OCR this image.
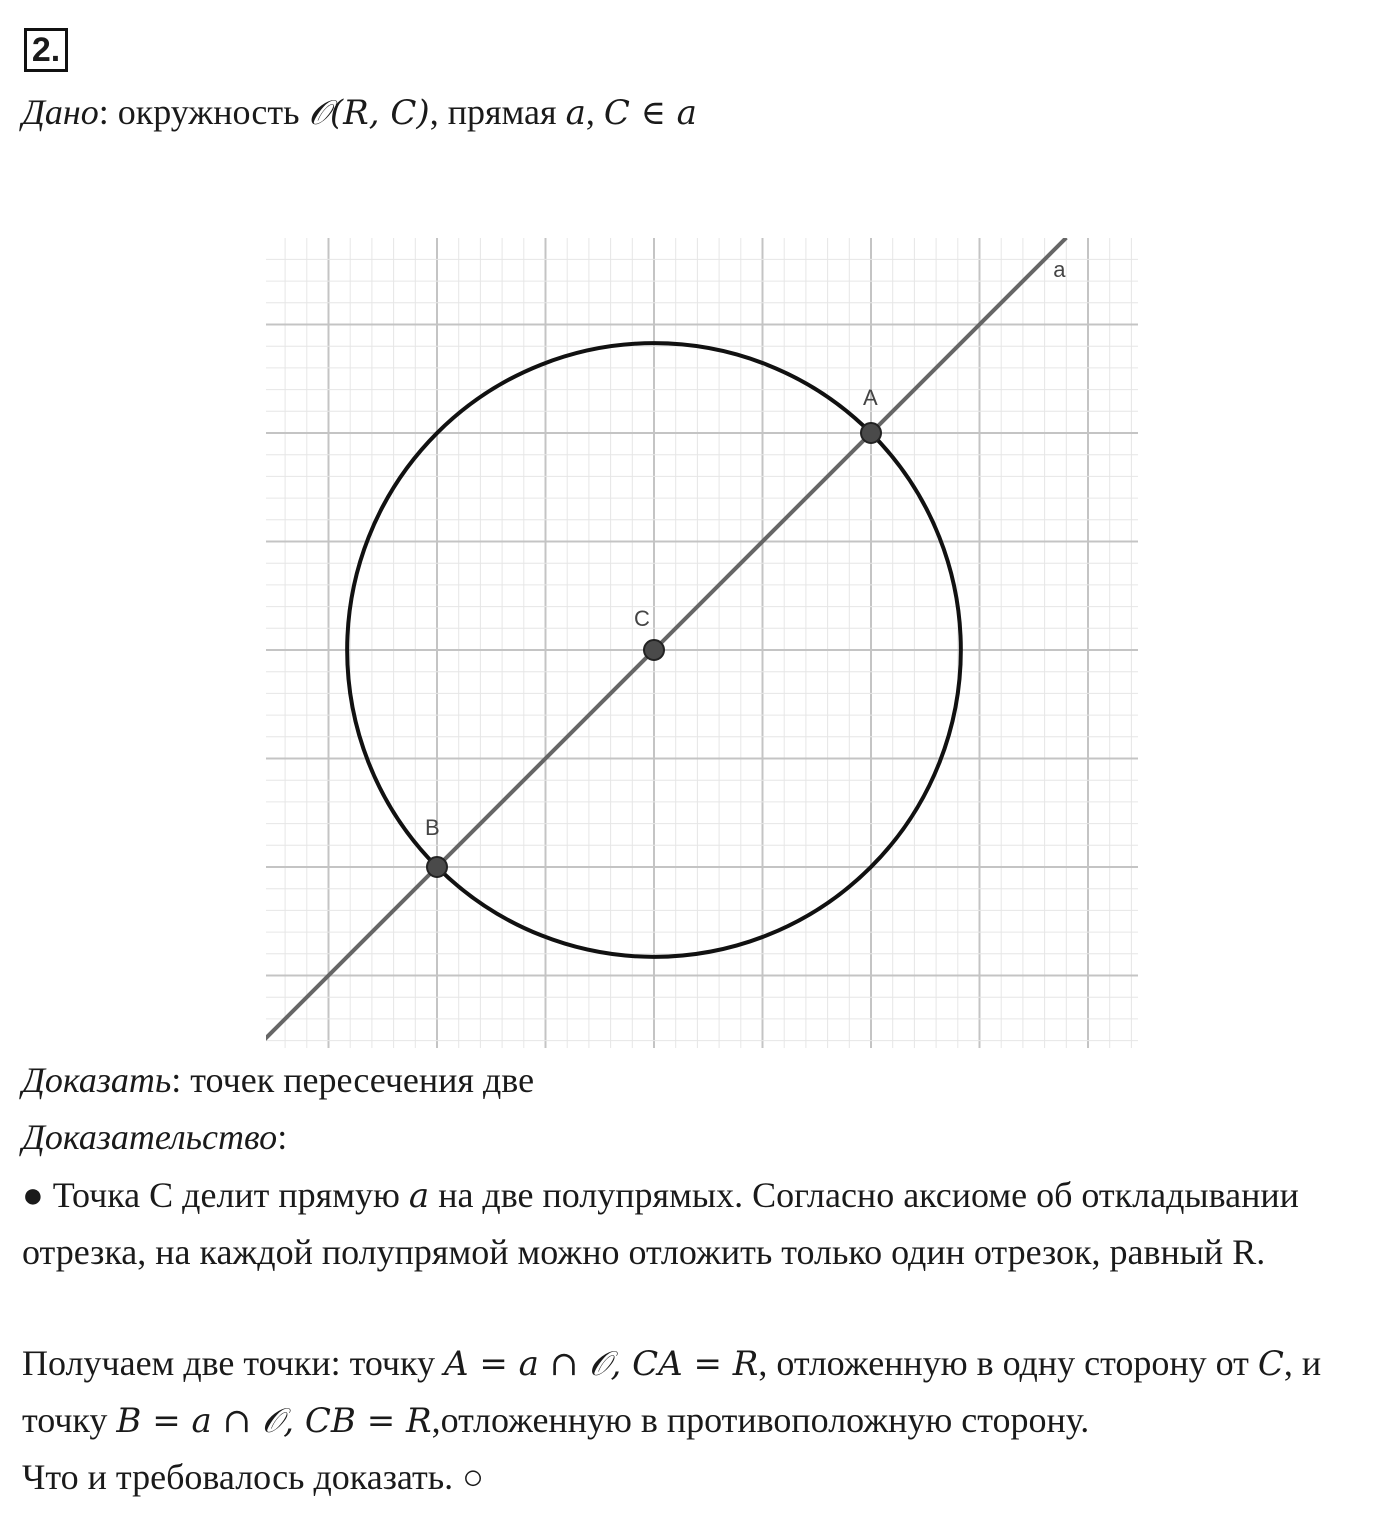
2.
Дано: окружность 𝒪(R, C), прямая a, C ∈ a
a
A
B
C
Доказать: точек пересечения две
Доказательство:
● Точка C делит прямую a на две полупрямых. Согласно аксиоме об откладывании отрезка, на каждой полупрямой можно отложить только один отрезок, равный R.
Получаем две точки: точку A = a ∩ 𝒪, CA = R, отложенную в одну сторону от C, и точку B = a ∩ 𝒪, CB = R,отложенную в противоположную сторону.
Что и требовалось доказать. ○
